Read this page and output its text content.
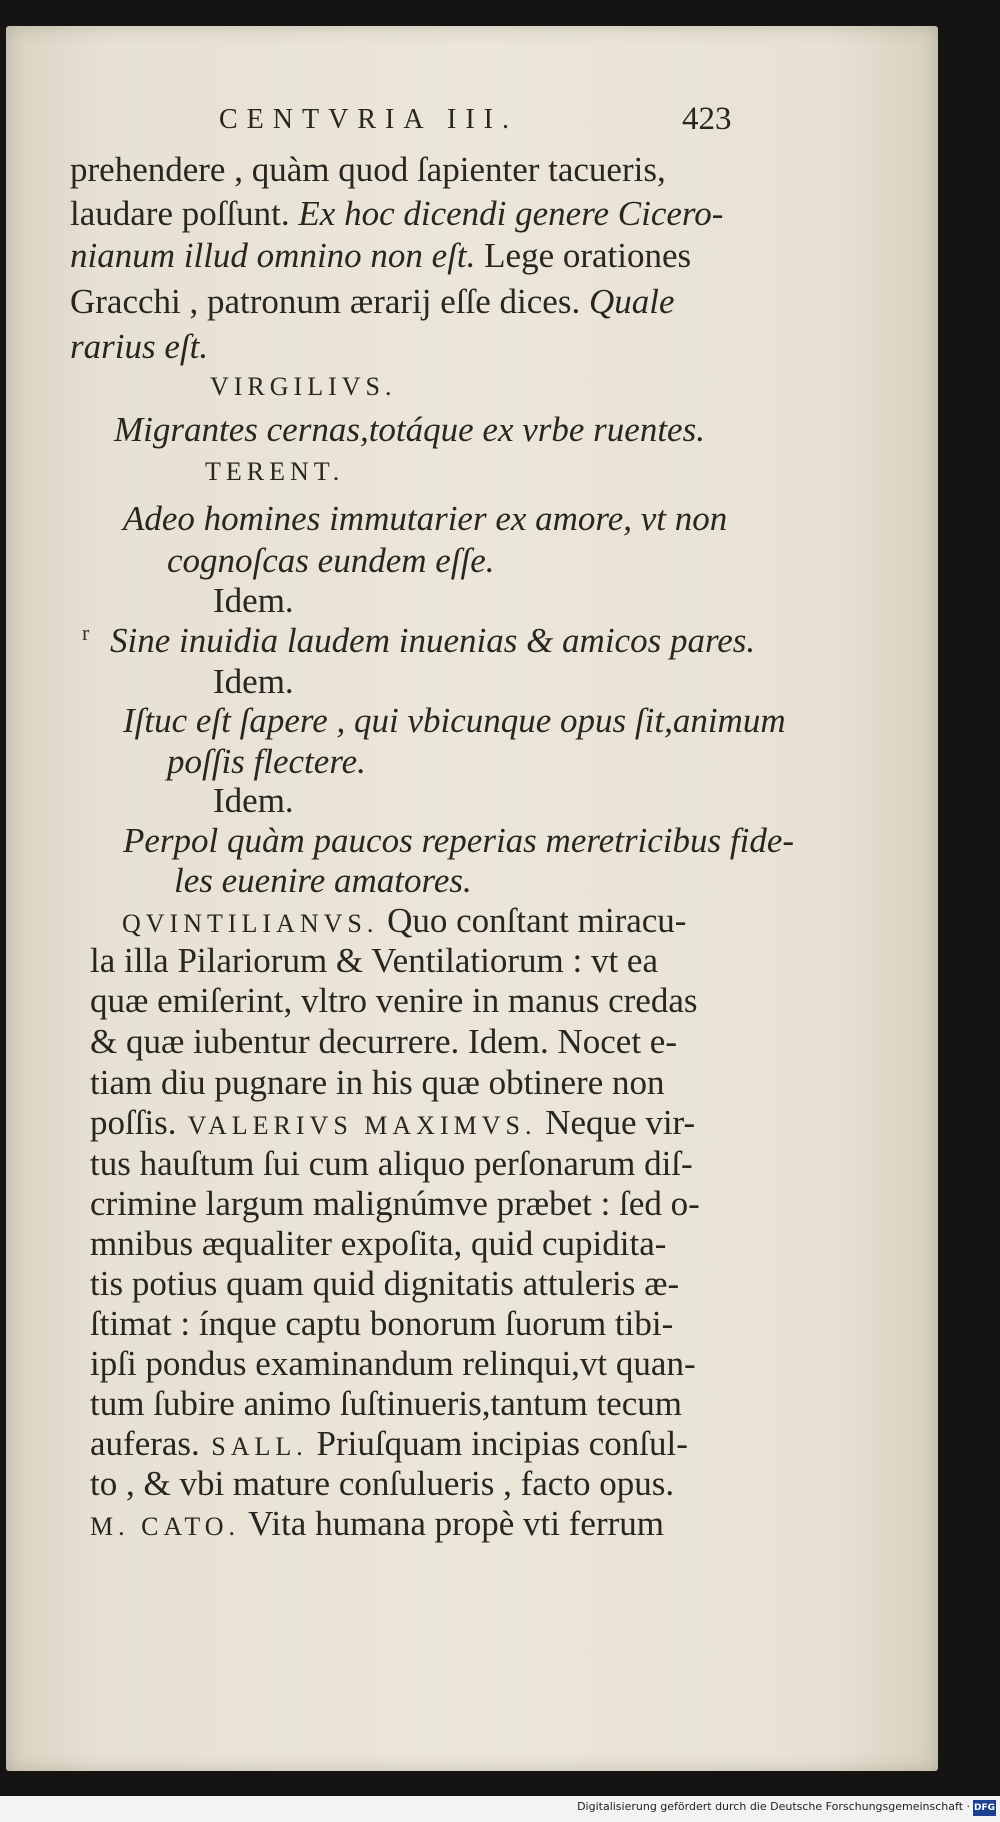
CENTVRIA III.	423
prehendere , quàm quod ſapienter tacueris,
laudare poſſunt. Ex hoc dicendi genere Cicero-
nianum illud omnino non eſt. Lege orationes
Gracchi , patronum ærarij eſſe dices. Quale
rarius eſt.
VIRGILIVS.
Migrantes cernas,totáque ex vrbe ruentes.
TERENT.
Adeo homines immutarier ex amore, vt non
cognoſcas eundem eſſe.
Idem.
r Sine inuidia laudem inuenias & amicos pares.
Idem.
Iſtuc eſt ſapere , qui vbicunque opus ſit,animum
poſſis flectere.
Idem.
Perpol quàm paucos reperias meretricibus fide-
les euenire amatores.
QVINTILIANVS. Quo conſtant miracu-
la illa Pilariorum & Ventilatiorum : vt ea
quæ emiſerint, vltro venire in manus credas
& quæ iubentur decurrere. Idem. Nocet e-
tiam diu pugnare in his quæ obtinere non
poſſis. VALERIVS MAXIMVS. Neque vir-
tus hauſtum ſui cum aliquo perſonarum diſ-
crimine largum malignúmve præbet : ſed o-
mnibus æqualiter expoſita, quid cupidita-
tis potius quam quid dignitatis attuleris æ-
ſtimat : ínque captu bonorum ſuorum tibi-
ipſi pondus examinandum relinqui,vt quan-
tum ſubire animo ſuſtinueris,tantum tecum
auferas. SALL. Priuſquam incipias conſul-
to , & vbi mature conſulueris , facto opus.
M. CATO. Vita humana propè vti ferrum
Digitalisierung gefördert durch die Deutsche Forschungsgemeinschaft · DFG
